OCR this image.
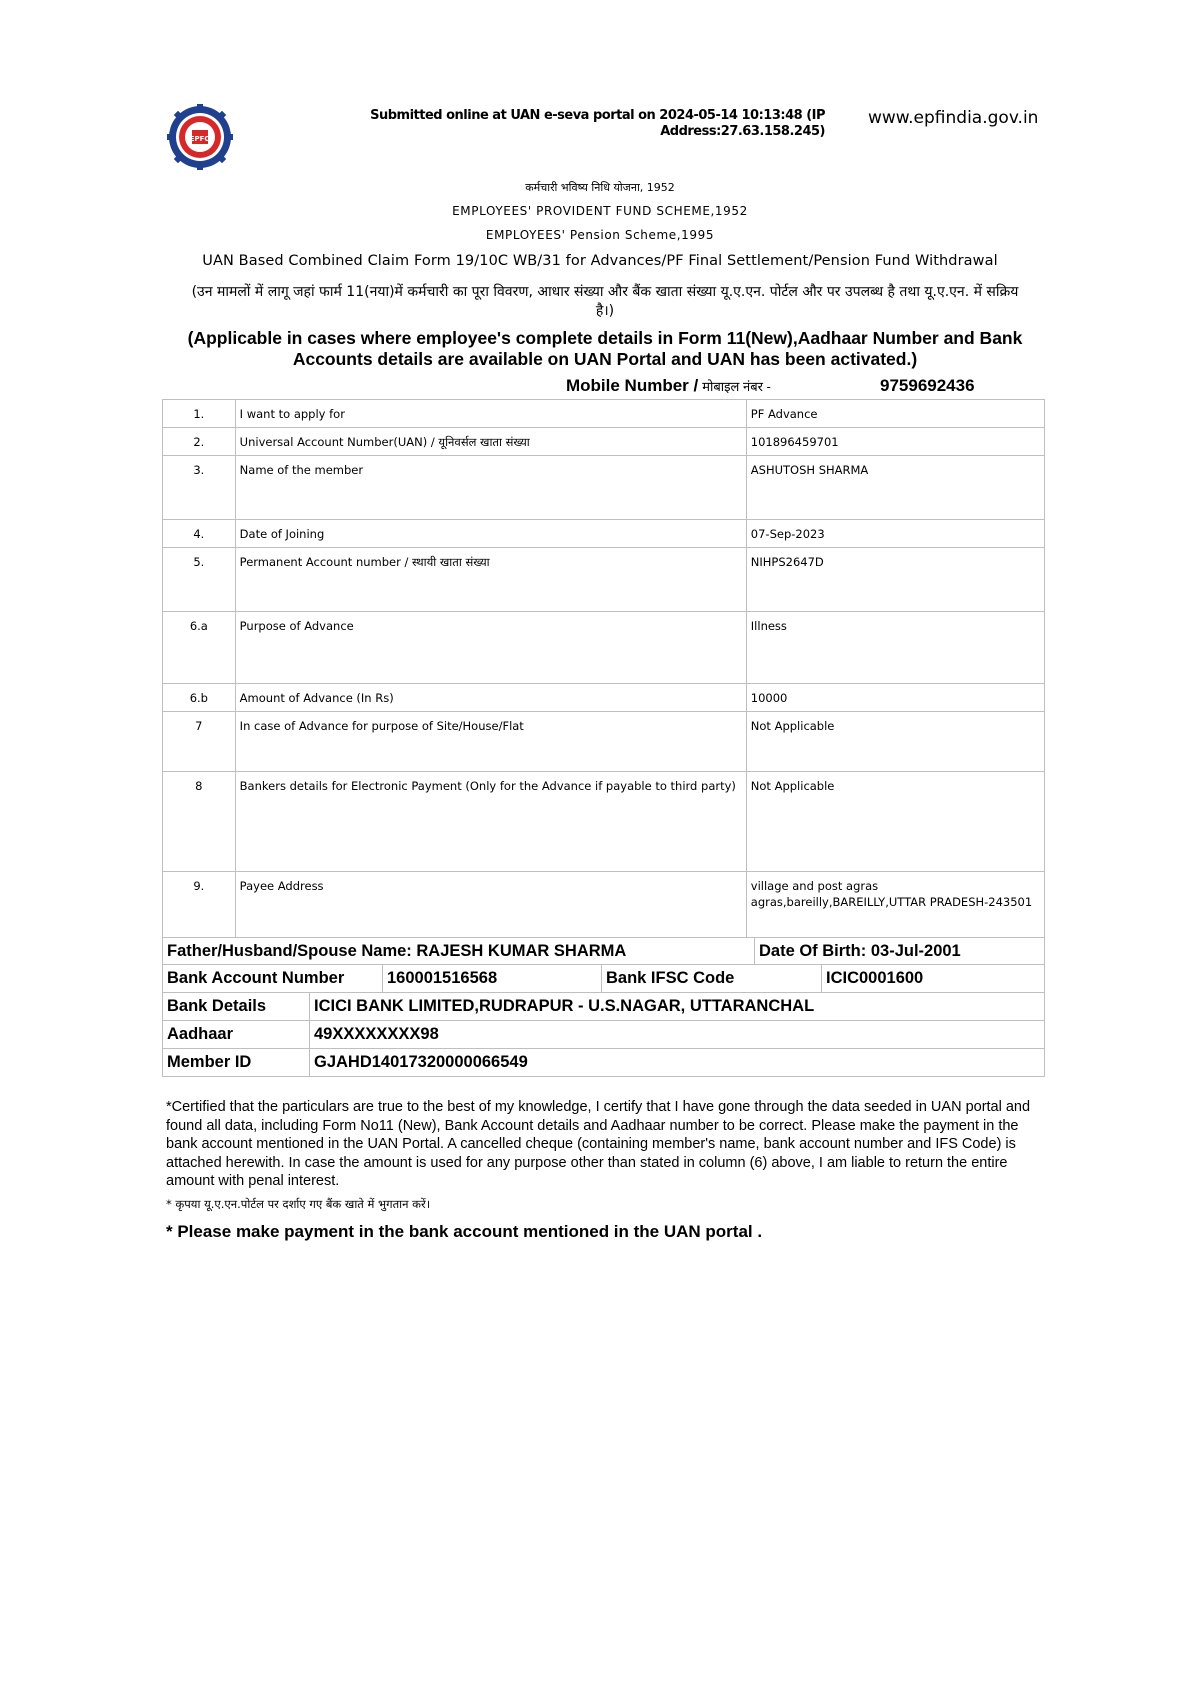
EPFO
Submitted online at UAN e-seva portal on 2024-05-14 10:13:48 (IP
Address:27.63.158.245)
www.epfindia.gov.in
कर्मचारी भविष्य निधि योजना, 1952
EMPLOYEES' PROVIDENT FUND SCHEME,1952
EMPLOYEES' Pension Scheme,1995
UAN Based Combined Claim Form 19/10C WB/31 for Advances/PF Final Settlement/Pension Fund Withdrawal
(उन मामलों में लागू जहां फार्म 11(नया)में कर्मचारी का पूरा विवरण, आधार संख्या और बैंक खाता संख्या यू.ए.एन. पोर्टल और पर उपलब्ध है तथा यू.ए.एन. में सक्रिय है।)
(Applicable in cases where employee's complete details in Form 11(New),Aadhaar Number and Bank Accounts details are available on UAN Portal and UAN has been activated.)
Mobile Number / मोबाइल नंबर -	9759692436
1.	I want to apply for	PF Advance
2.	Universal Account Number(UAN) / यूनिवर्सल खाता संख्या	101896459701
3.	Name of the member	ASHUTOSH SHARMA
4.	Date of Joining	07-Sep-2023
5.	Permanent Account number / स्थायी खाता संख्या	NIHPS2647D
6.a	Purpose of Advance	Illness
6.b	Amount of Advance (In Rs)	10000
7	In case of Advance for purpose of Site/House/Flat	Not Applicable
8	Bankers details for Electronic Payment (Only for the Advance if payable to third party)	Not Applicable
9.	Payee Address	village and post agras agras,bareilly,BAREILLY,UTTAR PRADESH-243501
Father/Husband/Spouse Name: RAJESH KUMAR SHARMA	Date Of Birth: 03-Jul-2001
Bank Account Number	160001516568	Bank IFSC Code	ICIC0001600
Bank Details	ICICI BANK LIMITED,RUDRAPUR - U.S.NAGAR, UTTARANCHAL
Aadhaar	49XXXXXXXX98
Member ID	GJAHD14017320000066549
*Certified that the particulars are true to the best of my knowledge, I certify that I have gone through the data seeded in UAN portal and found all data, including Form No11 (New), Bank Account details and Aadhaar number to be correct. Please make the payment in the bank account mentioned in the UAN Portal. A cancelled cheque (containing member's name, bank account number and IFS Code) is attached herewith. In case the amount is used for any purpose other than stated in column (6) above, I am liable to return the entire amount with penal interest.
* कृपया यू.ए.एन.पोर्टल पर दर्शाए गए बैंक खाते में भुगतान करें।
* Please make payment in the bank account mentioned in the UAN portal .
